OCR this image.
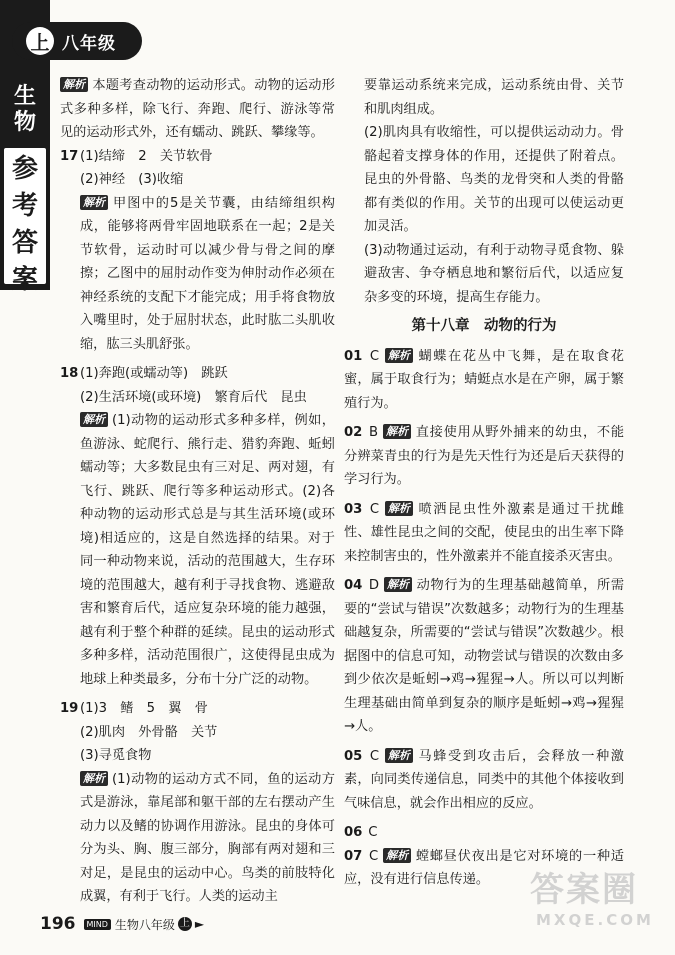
生
物
参
考
答
案
上 八年级

解析 本题考查动物的运动形式。动物的运动形式多种多样，除飞行、奔跑、爬行、游泳等常见的运动形式外，还有蠕动、跳跃、攀缘等。

17 (1)结缔　2　关节软骨

(2)神经　(3)收缩

解析 甲图中的5是关节囊，由结缔组织构成，能够将两骨牢固地联系在一起；2是关节软骨，运动时可以减少骨与骨之间的摩擦；乙图中的屈肘动作变为伸肘动作必须在神经系统的支配下才能完成；用手将食物放入嘴里时，处于屈肘状态，此时肱二头肌收缩，肱三头肌舒张。

18 (1)奔跑(或蠕动等)　跳跃

(2)生活环境(或环境)　繁育后代　昆虫

解析 (1)动物的运动形式多种多样，例如，鱼游泳、蛇爬行、熊行走、猎豹奔跑、蚯蚓蠕动等；大多数昆虫有三对足、两对翅，有飞行、跳跃、爬行等多种运动形式。(2)各种动物的运动形式总是与其生活环境(或环境)相适应的，这是自然选择的结果。对于同一种动物来说，活动的范围越大，生存环境的范围越大，越有利于寻找食物、逃避敌害和繁育后代，适应复杂环境的能力越强，越有利于整个种群的延续。昆虫的运动形式多种多样，活动范围很广，这使得昆虫成为地球上种类最多，分布十分广泛的动物。

19 (1)3　鳍　5　翼　骨

(2)肌肉　外骨骼　关节

(3)寻觅食物

解析 (1)动物的运动方式不同，鱼的运动方式是游泳，靠尾部和躯干部的左右摆动产生动力以及鳍的协调作用游泳。昆虫的身体可分为头、胸、腹三部分，胸部有两对翅和三对足，是昆虫的运动中心。鸟类的前肢特化成翼，有利于飞行。人类的运动主

要靠运动系统来完成，运动系统由骨、关节和肌肉组成。

(2)肌肉具有收缩性，可以提供运动动力。骨骼起着支撑身体的作用，还提供了附着点。昆虫的外骨骼、鸟类的龙骨突和人类的骨骼都有类似的作用。关节的出现可以使运动更加灵活。

(3)动物通过运动，有利于动物寻觅食物、躲避敌害、争夺栖息地和繁衍后代，以适应复杂多变的环境，提高生存能力。

第十八章　动物的行为

01 C 解析 蝴蝶在花丛中飞舞，是在取食花蜜，属于取食行为；蜻蜓点水是在产卵，属于繁殖行为。

02 B 解析 直接使用从野外捕来的幼虫，不能分辨菜青虫的行为是先天性行为还是后天获得的学习行为。

03 C 解析 喷洒昆虫性外激素是通过干扰雌性、雄性昆虫之间的交配，使昆虫的出生率下降来控制害虫的，性外激素并不能直接杀灭害虫。

04 D 解析 动物行为的生理基础越简单，所需要的“尝试与错误”次数越多；动物行为的生理基础越复杂，所需要的“尝试与错误”次数越少。根据图中的信息可知，动物尝试与错误的次数由多到少依次是蚯蚓→鸡→猩猩→人。所以可以判断生理基础由简单到复杂的顺序是蚯蚓→鸡→猩猩→人。

05 C 解析 马蜂受到攻击后，会释放一种激素，向同类传递信息，同类中的其他个体接收到气味信息，就会作出相应的反应。

06 C

07 C 解析 螳螂昼伏夜出是它对环境的一种适应，没有进行信息传递。

196	MIND 生物八年级 上 ►
答案圈
MXQE.COM
